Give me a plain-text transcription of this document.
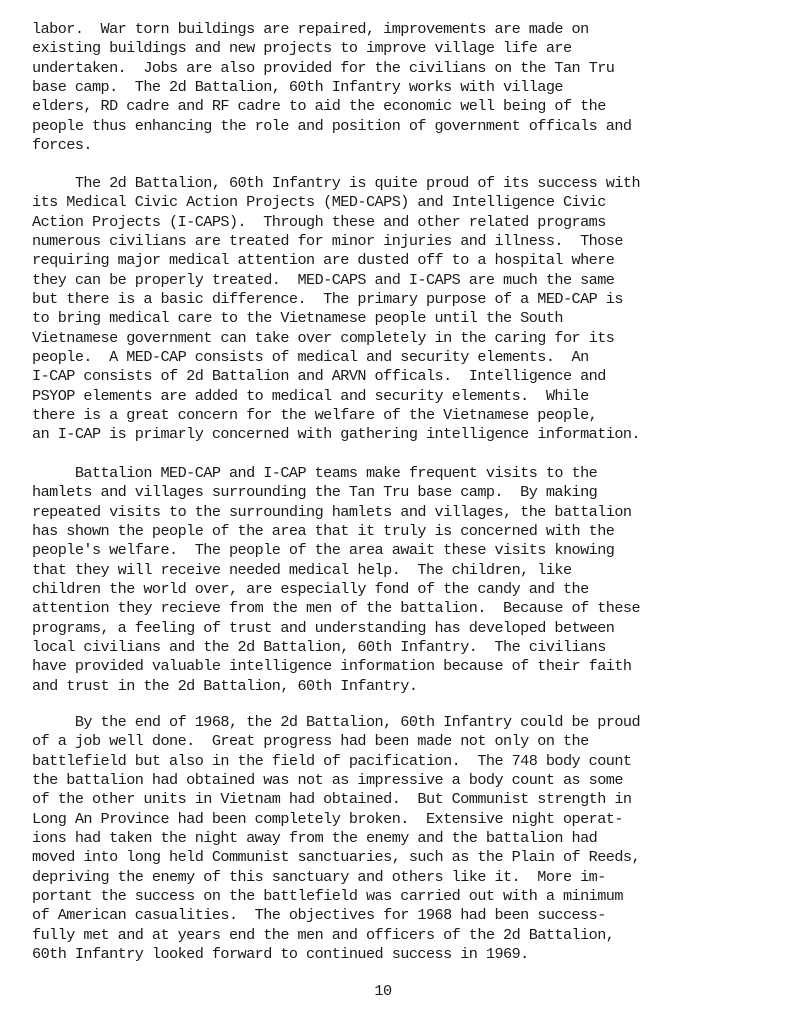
labor.  War torn buildings are repaired, improvements are made on
existing buildings and new projects to improve village life are
undertaken.  Jobs are also provided for the civilians on the Tan Tru
base camp.  The 2d Battalion, 60th Infantry works with village
elders, RD cadre and RF cadre to aid the economic well being of the
people thus enhancing the role and position of government officals and
forces.
The 2d Battalion, 60th Infantry is quite proud of its success with
its Medical Civic Action Projects (MED-CAPS) and Intelligence Civic
Action Projects (I-CAPS).  Through these and other related programs
numerous civilians are treated for minor injuries and illness.  Those
requiring major medical attention are dusted off to a hospital where
they can be properly treated.  MED-CAPS and I-CAPS are much the same
but there is a basic difference.  The primary purpose of a MED-CAP is
to bring medical care to the Vietnamese people until the South
Vietnamese government can take over completely in the caring for its
people.  A MED-CAP consists of medical and security elements.  An
I-CAP consists of 2d Battalion and ARVN officals.  Intelligence and
PSYOP elements are added to medical and security elements.  While
there is a great concern for the welfare of the Vietnamese people,
an I-CAP is primarly concerned with gathering intelligence information.
Battalion MED-CAP and I-CAP teams make frequent visits to the
hamlets and villages surrounding the Tan Tru base camp.  By making
repeated visits to the surrounding hamlets and villages, the battalion
has shown the people of the area that it truly is concerned with the
people's welfare.  The people of the area await these visits knowing
that they will receive needed medical help.  The children, like
children the world over, are especially fond of the candy and the
attention they recieve from the men of the battalion.  Because of these
programs, a feeling of trust and understanding has developed between
local civilians and the 2d Battalion, 60th Infantry.  The civilians
have provided valuable intelligence information because of their faith
and trust in the 2d Battalion, 60th Infantry.
By the end of 1968, the 2d Battalion, 60th Infantry could be proud
of a job well done.  Great progress had been made not only on the
battlefield but also in the field of pacification.  The 748 body count
the battalion had obtained was not as impressive a body count as some
of the other units in Vietnam had obtained.  But Communist strength in
Long An Province had been completely broken.  Extensive night operat-
ions had taken the night away from the enemy and the battalion had
moved into long held Communist sanctuaries, such as the Plain of Reeds,
depriving the enemy of this sanctuary and others like it.  More im-
portant the success on the battlefield was carried out with a minimum
of American casualities.  The objectives for 1968 had been success-
fully met and at years end the men and officers of the 2d Battalion,
60th Infantry looked forward to continued success in 1969.
10
